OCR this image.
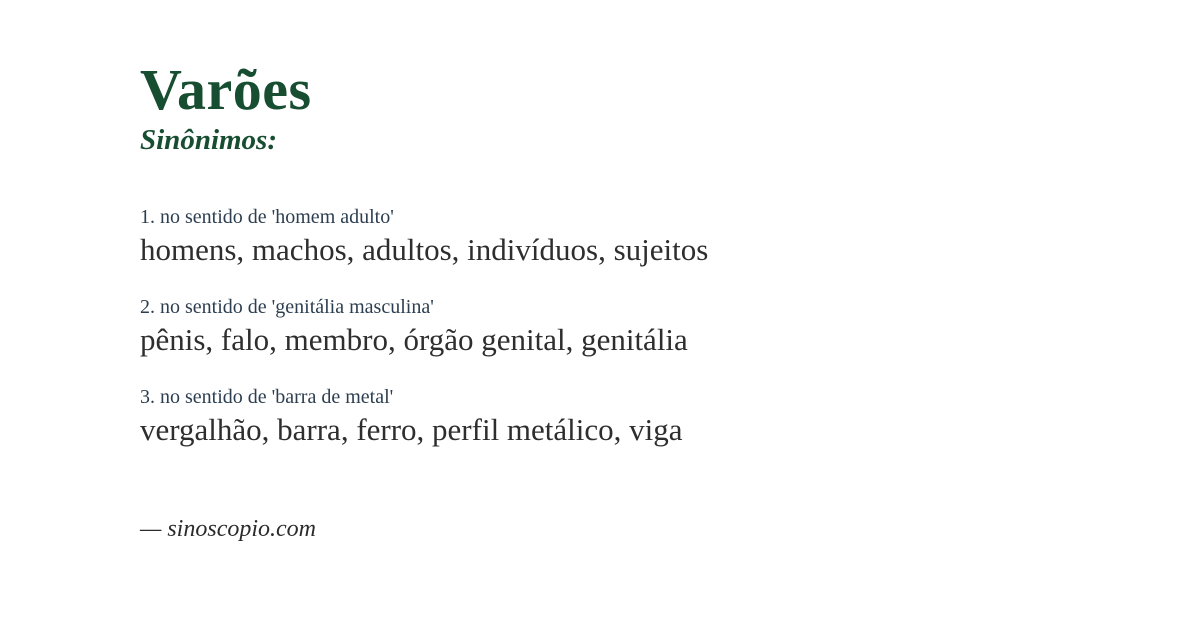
Varões
Sinônimos:
1. no sentido de 'homem adulto'
homens, machos, adultos, indivíduos, sujeitos
2. no sentido de 'genitália masculina'
pênis, falo, membro, órgão genital, genitália
3. no sentido de 'barra de metal'
vergalhão, barra, ferro, perfil metálico, viga
— sinoscopio.com
